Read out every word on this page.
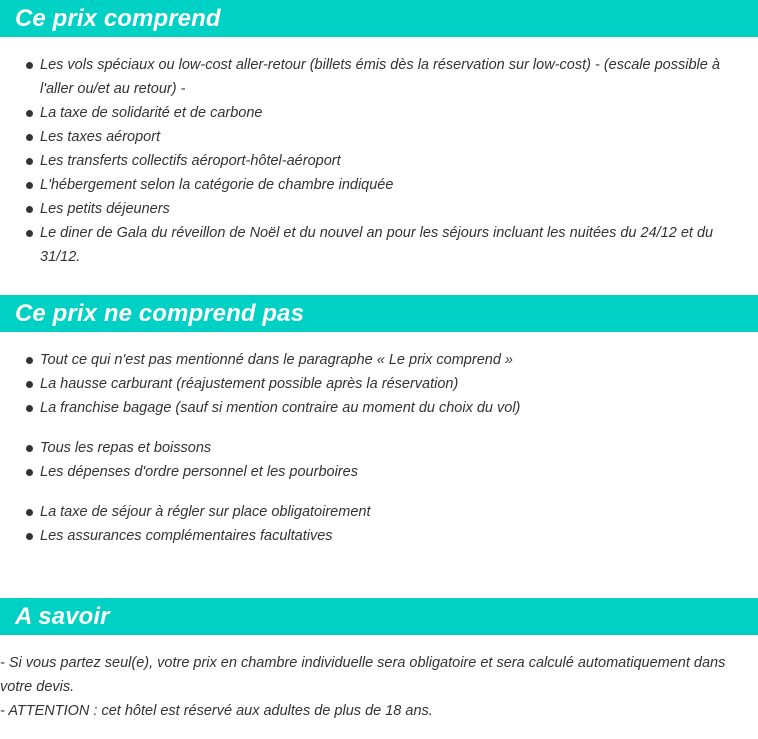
Ce prix comprend
Les vols spéciaux ou low-cost aller-retour (billets émis dès la réservation sur low-cost) - (escale possible à l'aller ou/et au retour) -
La taxe de solidarité et de carbone
Les taxes aéroport
Les transferts collectifs aéroport-hôtel-aéroport
L'hébergement selon la catégorie de chambre indiquée
Les petits déjeuners
Le diner de Gala du réveillon de Noël et du nouvel an pour les séjours incluant les nuitées du 24/12 et du 31/12.
Ce prix ne comprend pas
Tout ce qui n'est pas mentionné dans le paragraphe « Le prix comprend »
La hausse carburant (réajustement possible après la réservation)
La franchise bagage (sauf si mention contraire au moment du choix du vol)
Tous les repas et boissons
Les dépenses d'ordre personnel et les pourboires
La taxe de séjour à régler sur place obligatoirement
Les assurances complémentaires facultatives
A savoir

- Si vous partez seul(e), votre prix en chambre individuelle sera obligatoire et sera calculé automatiquement dans votre devis.

- ATTENTION : cet hôtel est réservé aux adultes de plus de 18 ans.
